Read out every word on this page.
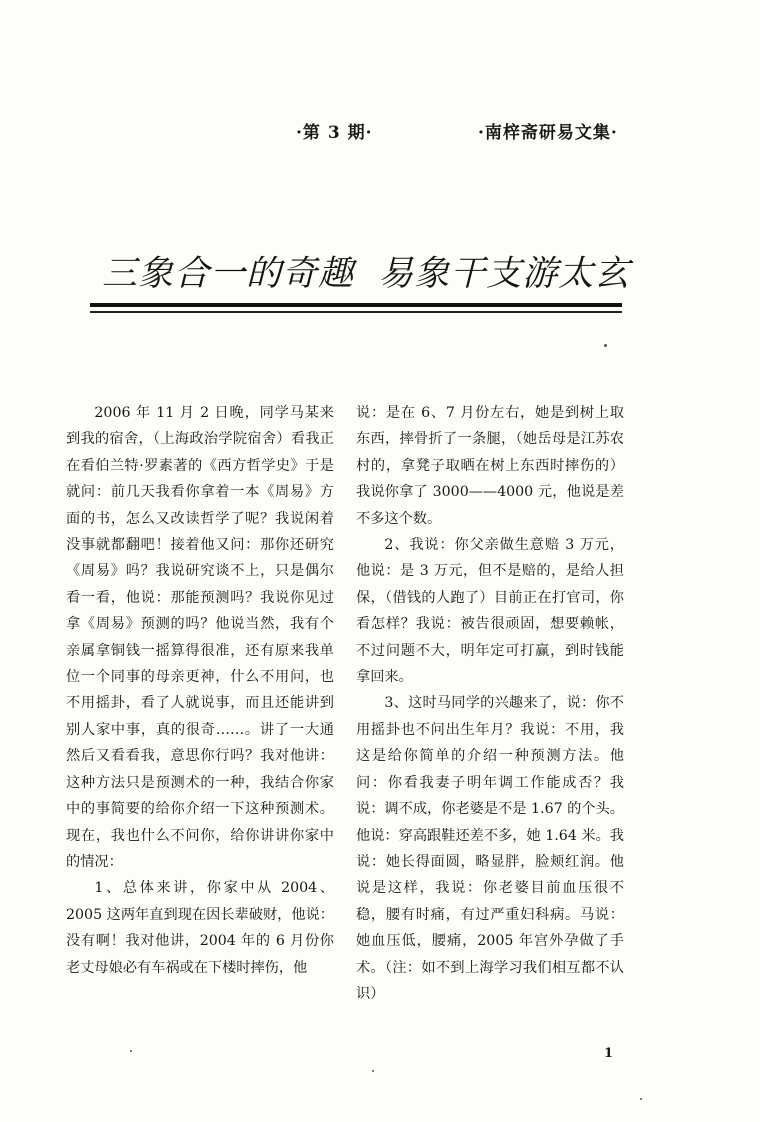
·第 3 期·	·南梓斋研易文集·
三象合一的奇趣  易象干支游太玄

2006 年 11 月 2 日晚，同学马某来到我的宿舍，（上海政治学院宿舍）看我正在看伯兰特·罗素著的《西方哲学史》于是就问：前几天我看你拿着一本《周易》方面的书，怎么又改读哲学了呢？我说闲着没事就都翻吧！接着他又问：那你还研究《周易》吗？我说研究谈不上，只是偶尔看一看，他说：那能预测吗？我说你见过拿《周易》预测的吗？他说当然，我有个亲属拿铜钱一摇算得很准，还有原来我单位一个同事的母亲更神，什么不用问，也不用摇卦，看了人就说事，而且还能讲到别人家中事，真的很奇……。讲了一大通然后又看看我，意思你行吗？我对他讲：这种方法只是预测术的一种，我结合你家中的事简要的给你介绍一下这种预测术。现在，我也什么不问你，给你讲讲你家中的情况：

1、总体来讲，你家中从 2004、2005 这两年直到现在因长辈破财，他说：没有啊！我对他讲，2004 年的 6 月份你老丈母娘必有车祸或在下楼时摔伤，他

说：是在 6、7 月份左右，她是到树上取东西，摔骨折了一条腿，（她岳母是江苏农村的，拿凳子取晒在树上东西时摔伤的）我说你拿了 3000——4000 元，他说是差不多这个数。

2、我说：你父亲做生意赔 3 万元，他说：是 3 万元，但不是赔的，是给人担保，（借钱的人跑了）目前正在打官司，你看怎样？我说：被告很顽固，想要赖帐，不过问题不大，明年定可打赢，到时钱能拿回来。

3、这时马同学的兴趣来了，说：你不用摇卦也不问出生年月？我说：不用，我这是给你简单的介绍一种预测方法。他问：你看我妻子明年调工作能成否？我说：调不成，你老婆是不是 1.67 的个头。他说：穿高跟鞋还差不多，她 1.64 米。我说：她长得面圆，略显胖，脸颊红润。他说是这样，我说：你老婆目前血压很不稳，腰有时痛，有过严重妇科病。马说：她血压低，腰痛，2005 年宫外孕做了手术。（注：如不到上海学习我们相互都不认识）

1
